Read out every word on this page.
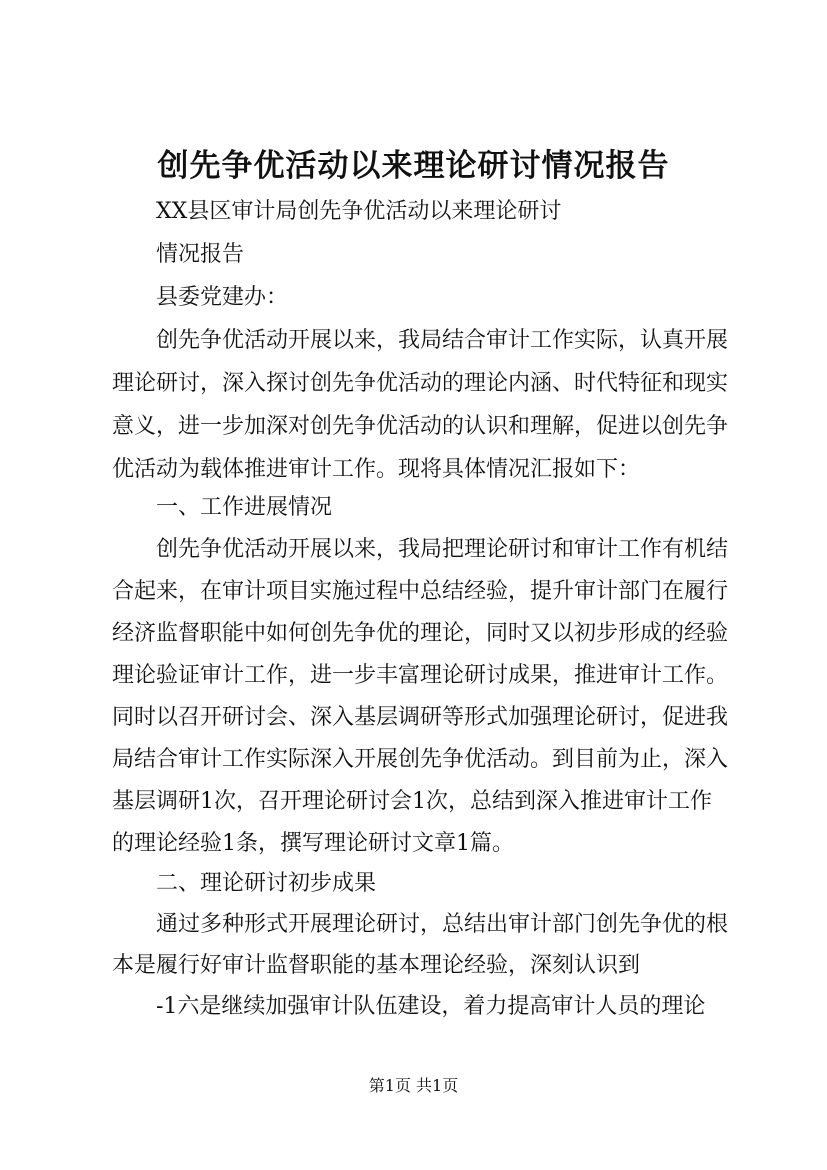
创先争优活动以来理论研讨情况报告

XX县区审计局创先争优活动以来理论研讨

情况报告

县委党建办：

创先争优活动开展以来，我局结合审计工作实际，认真开展

理论研讨，深入探讨创先争优活动的理论内涵、时代特征和现实

意义，进一步加深对创先争优活动的认识和理解，促进以创先争

优活动为载体推进审计工作。现将具体情况汇报如下：

一、工作进展情况

创先争优活动开展以来，我局把理论研讨和审计工作有机结

合起来，在审计项目实施过程中总结经验，提升审计部门在履行

经济监督职能中如何创先争优的理论，同时又以初步形成的经验

理论验证审计工作，进一步丰富理论研讨成果，推进审计工作。

同时以召开研讨会、深入基层调研等形式加强理论研讨，促进我

局结合审计工作实际深入开展创先争优活动。到目前为止，深入

基层调研1次，召开理论研讨会1次，总结到深入推进审计工作

的理论经验1条，撰写理论研讨文章1篇。

二、理论研讨初步成果

通过多种形式开展理论研讨，总结出审计部门创先争优的根

本是履行好审计监督职能的基本理论经验，深刻认识到

-1六是继续加强审计队伍建设，着力提高审计人员的理论

第1页 共1页
